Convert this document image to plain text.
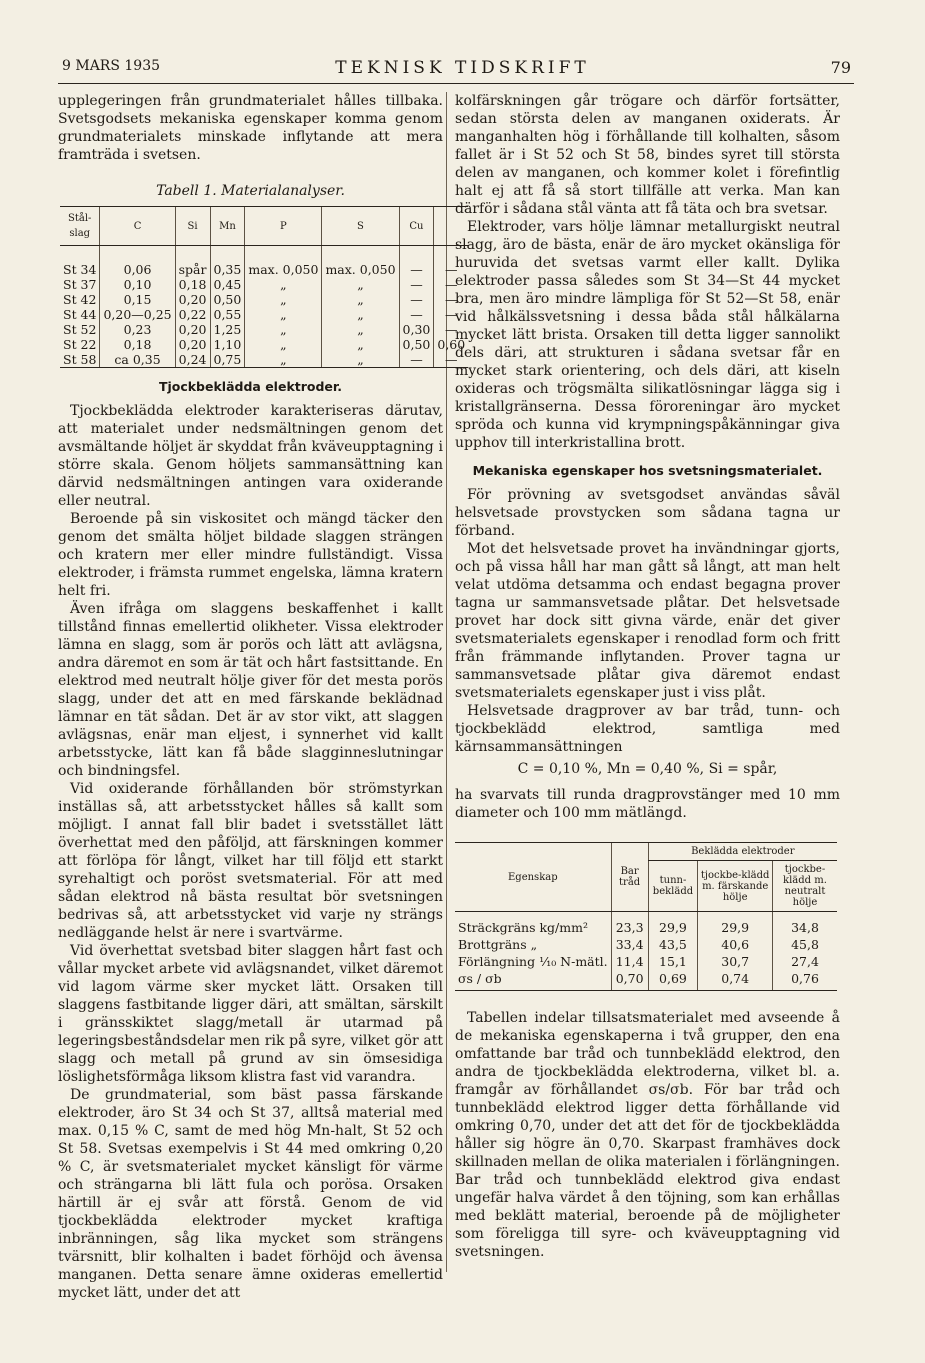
9 MARS 1935	TEKNISK TIDSKRIFT	79

upplegeringen från grundmaterialet hålles tillbaka. Svetsgodsets mekaniska egenskaper komma genom grundmaterialets minskade inflytande att mera framträda i svetsen.

Tabell 1. Materialanalyser.
Stål-slag	C	Si	Mn	P	S	Cu	
St 34	0,06	spår	0,35	max. 0,050	max. 0,050	—	—
St 37	0,10	0,18	0,45	„	„	—	—
St 42	0,15	0,20	0,50	„	„	—	—
St 44	0,20—0,25	0,22	0,55	„	„	—	—
St 52	0,23	0,20	1,25	„	„	0,30	—
St 22	0,18	0,20	1,10	„	„	0,50	0,60
St 58	ca 0,35	0,24	0,75	„	„	—	—
Tjockbeklädda elektroder.

Tjockbeklädda elektroder karakteriseras därutav, att materialet under nedsmältningen genom det avsmältande höljet är skyddat från kväveupptagning i större skala. Genom höljets sammansättning kan därvid nedsmältningen antingen vara oxiderande eller neutral.

Beroende på sin viskositet och mängd täcker den genom det smälta höljet bildade slaggen strängen och kratern mer eller mindre fullständigt. Vissa elektroder, i främsta rummet engelska, lämna kratern helt fri.

Även ifråga om slaggens beskaffenhet i kallt tillstånd finnas emellertid olikheter. Vissa elektroder lämna en slagg, som är porös och lätt att avlägsna, andra däremot en som är tät och hårt fastsittande. En elektrod med neutralt hölje giver för det mesta porös slagg, under det att en med färskande beklädnad lämnar en tät sådan. Det är av stor vikt, att slaggen avlägsnas, enär man eljest, i synnerhet vid kallt arbetsstycke, lätt kan få både slagginneslutningar och bindningsfel.

Vid oxiderande förhållanden bör strömstyrkan inställas så, att arbetsstycket hålles så kallt som möjligt. I annat fall blir badet i svetsstället lätt överhettat med den påföljd, att färskningen kommer att förlöpa för långt, vilket har till följd ett starkt syrehaltigt och poröst svetsmaterial. För att med sådan elektrod nå bästa resultat bör svetsningen bedrivas så, att arbetsstycket vid varje ny strängs nedläggande helst är nere i svartvärme.

Vid överhettat svetsbad biter slaggen hårt fast och vållar mycket arbete vid avlägsnandet, vilket däremot vid lagom värme sker mycket lätt. Orsaken till slaggens fastbitande ligger däri, att smältan, särskilt i gränsskiktet slagg/metall är utarmad på legeringsbeståndsdelar men rik på syre, vilket gör att slagg och metall på grund av sin ömsesidiga löslighetsförmåga liksom klistra fast vid varandra.

De grundmaterial, som bäst passa färskande elektroder, äro St 34 och St 37, alltså material med max. 0,15 % C, samt de med hög Mn-halt, St 52 och St 58. Svetsas exempelvis i St 44 med omkring 0,20 % C, är svetsmaterialet mycket känsligt för värme och strängarna bli lätt fula och porösa. Orsaken härtill är ej svår att förstå. Genom de vid tjockbeklädda elektroder mycket kraftiga inbränningen, såg lika mycket som strängens tvärsnitt, blir kolhalten i badet förhöjd och ävensa manganen. Detta senare ämne oxideras emellertid mycket lätt, under det att

kolfärskningen går trögare och därför fortsätter, sedan största delen av manganen oxiderats. Är manganhalten hög i förhållande till kolhalten, såsom fallet är i St 52 och St 58, bindes syret till största delen av manganen, och kommer kolet i förefintlig halt ej att få så stort tillfälle att verka. Man kan därför i sådana stål vänta att få täta och bra svetsar.

Elektroder, vars hölje lämnar metallurgiskt neutral slagg, äro de bästa, enär de äro mycket okänsliga för huruvida det svetsas varmt eller kallt. Dylika elektroder passa således som St 34—St 44 mycket bra, men äro mindre lämpliga för St 52—St 58, enär vid hålkälssvetsning i dessa båda stål hålkälarna mycket lätt brista. Orsaken till detta ligger sannolikt dels däri, att strukturen i sådana svetsar får en mycket stark orientering, och dels däri, att kiseln oxideras och trögsmälta silikatlösningar lägga sig i kristallgränserna. Dessa föroreningar äro mycket spröda och kunna vid krympningspåkänningar giva upphov till interkristallina brott.

Mekaniska egenskaper hos svetsningsmaterialet.

För prövning av svetsgodset användas såväl helsvetsade provstycken som sådana tagna ur förband.

Mot det helsvetsade provet ha invändningar gjorts, och på vissa håll har man gått så långt, att man helt velat utdöma detsamma och endast begagna prover tagna ur sammansvetsade plåtar. Det helsvetsade provet har dock sitt givna värde, enär det giver svetsmaterialets egenskaper i renodlad form och fritt från främmande inflytanden. Prover tagna ur sammansvetsade plåtar giva däremot endast svetsmaterialets egenskaper just i viss plåt.

Helsvetsade dragprover av bar tråd, tunn- och tjockbeklädd elektrod, samtliga med kärnsammansättningen

C = 0,10 %, Mn = 0,40 %, Si = spår,

ha svarvats till runda dragprovstänger med 10 mm diameter och 100 mm mätlängd.

Egenskap	Bar tråd	Beklädda elektroder		
		tunn-beklädd	tjockbe-klädd m. färskande hölje	tjockbe-klädd m. neutralt hölje
Sträckgräns kg/mm²	23,3	29,9	29,9	34,8
Brottgräns „	33,4	43,5	40,6	45,8
Förlängning ⅒ N-mätl.	11,4	15,1	30,7	27,4
σs / σb	0,70	0,69	0,74	0,76

Tabellen indelar tillsatsmaterialet med avseende å de mekaniska egenskaperna i två grupper, den ena omfattande bar tråd och tunnbeklädd elektrod, den andra de tjockbeklädda elektroderna, vilket bl. a. framgår av förhållandet σs/σb. För bar tråd och tunnbeklädd elektrod ligger detta förhållande vid omkring 0,70, under det att det för de tjockbeklädda håller sig högre än 0,70. Skarpast framhäves dock skillnaden mellan de olika materialen i förlängningen. Bar tråd och tunnbeklädd elektrod giva endast ungefär halva värdet å den töjning, som kan erhållas med beklätt material, beroende på de möjligheter som föreligga till syre- och kväveupptagning vid svetsningen.
